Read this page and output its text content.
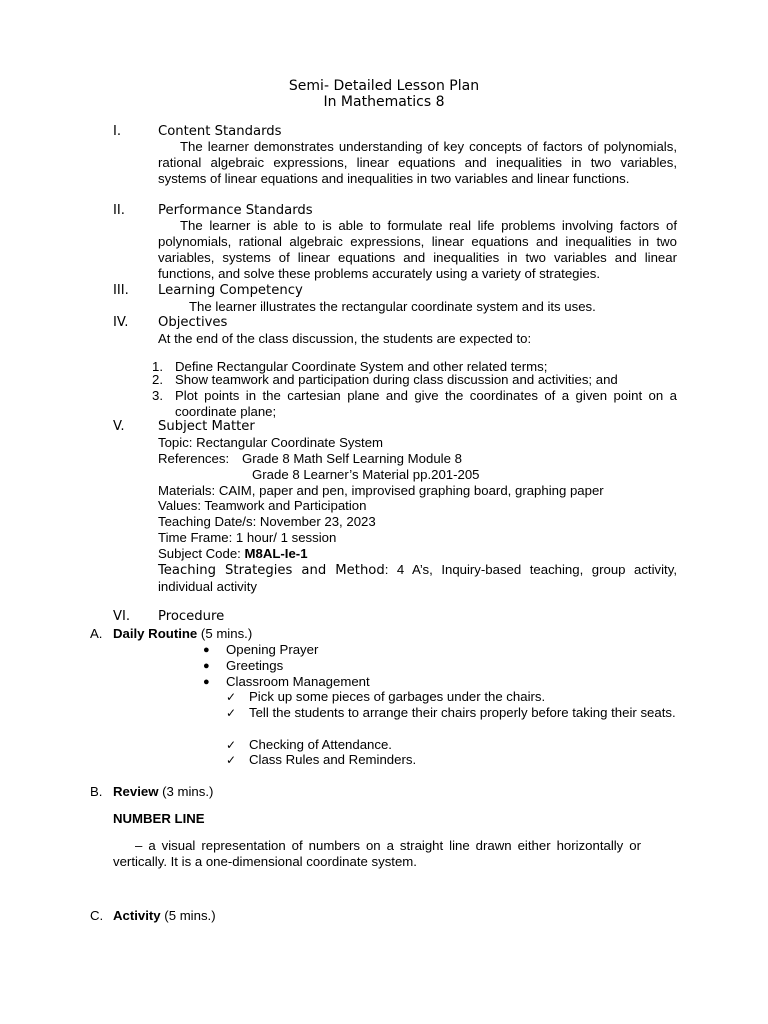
Semi- Detailed Lesson Plan
In Mathematics 8
I.	Content Standards
The learner demonstrates understanding of key concepts of factors of polynomials, rational algebraic expressions, linear equations and inequalities in two variables, systems of linear equations and inequalities in two variables and linear functions.
II.	Performance Standards
The learner is able to is able to formulate real life problems involving factors of polynomials, rational algebraic expressions, linear equations and inequalities in two variables, systems of linear equations and inequalities in two variables and linear functions, and solve these problems accurately using a variety of strategies.
III. Learning Competency
The learner illustrates the rectangular coordinate system and its uses.
IV. Objectives
At the end of the class discussion, the students are expected to:
1. Define Rectangular Coordinate System and other related terms;
2. Show teamwork and participation during class discussion and activities; and
3. Plot points in the cartesian plane and give the coordinates of a given point on a coordinate plane;
V.	Subject Matter
Topic: Rectangular Coordinate System
References: Grade 8 Math Self Learning Module 8
Grade 8 Learner’s Material pp.201-205
Materials: CAIM, paper and pen, improvised graphing board, graphing paper
Values: Teamwork and Participation
Teaching Date/s: November 23, 2023
Time Frame: 1 hour/ 1 session
Subject Code: M8AL-Ie-1
Teaching Strategies and Method: 4 A’s, Inquiry-based teaching, group activity, individual activity
VI. Procedure
A. Daily Routine (5 mins.)
● Opening Prayer
● Greetings
● Classroom Management
✓ Pick up some pieces of garbages under the chairs.
✓ Tell the students to arrange their chairs properly before taking their seats.
✓ Checking of Attendance.
✓ Class Rules and Reminders.
B. Review (3 mins.)
NUMBER LINE
– a visual representation of numbers on a straight line drawn either horizontally or vertically. It is a one-dimensional coordinate system.
C. Activity (5 mins.)
